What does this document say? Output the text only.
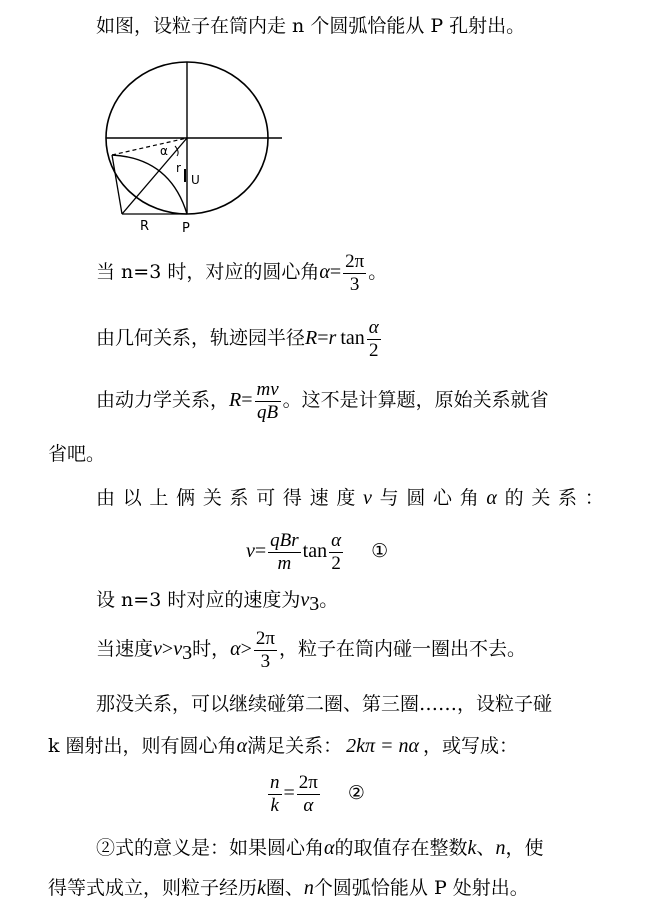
如图，设粒子在筒内走 n 个圆弧恰能从 P 孔射出。
α
r
U
R	P
当 n=3 时，对应的圆心角$\alpha= \frac{2\pi}{3}$ 。
由几何关系，轨迹园半径R=r $\tan \frac{\alpha}{2}$
由动力学关系，$R= \frac{mv}{qB}$ 。这不是计算题，原始关系就省
省吧。
由 以 上 俩 关 系 可 得 速 度 v 与 圆 心 角 α 的 关 系 ：
$v= \frac{\text{qBr}}{m}$ $\tan \frac{\alpha}{2}$ ①
设 n=3 时对应的速度为v3。
当速度v>v3时，$\alpha> \frac{2\pi}{3}$ ，粒子在筒内碰一圈出不去。
那没关系，可以继续碰第二圈、第三圈……，设粒子碰
k 圈射出，则有圆心角α满足关系： 2kπ = nα ，或写成：
$\frac{n}{k} = \frac{2\pi}{\alpha}$ ②
②式的意义是：如果圆心角α的取值存在整数k、n，使
得等式成立，则粒子经历k圈、n个圆弧恰能从 P 处射出。
